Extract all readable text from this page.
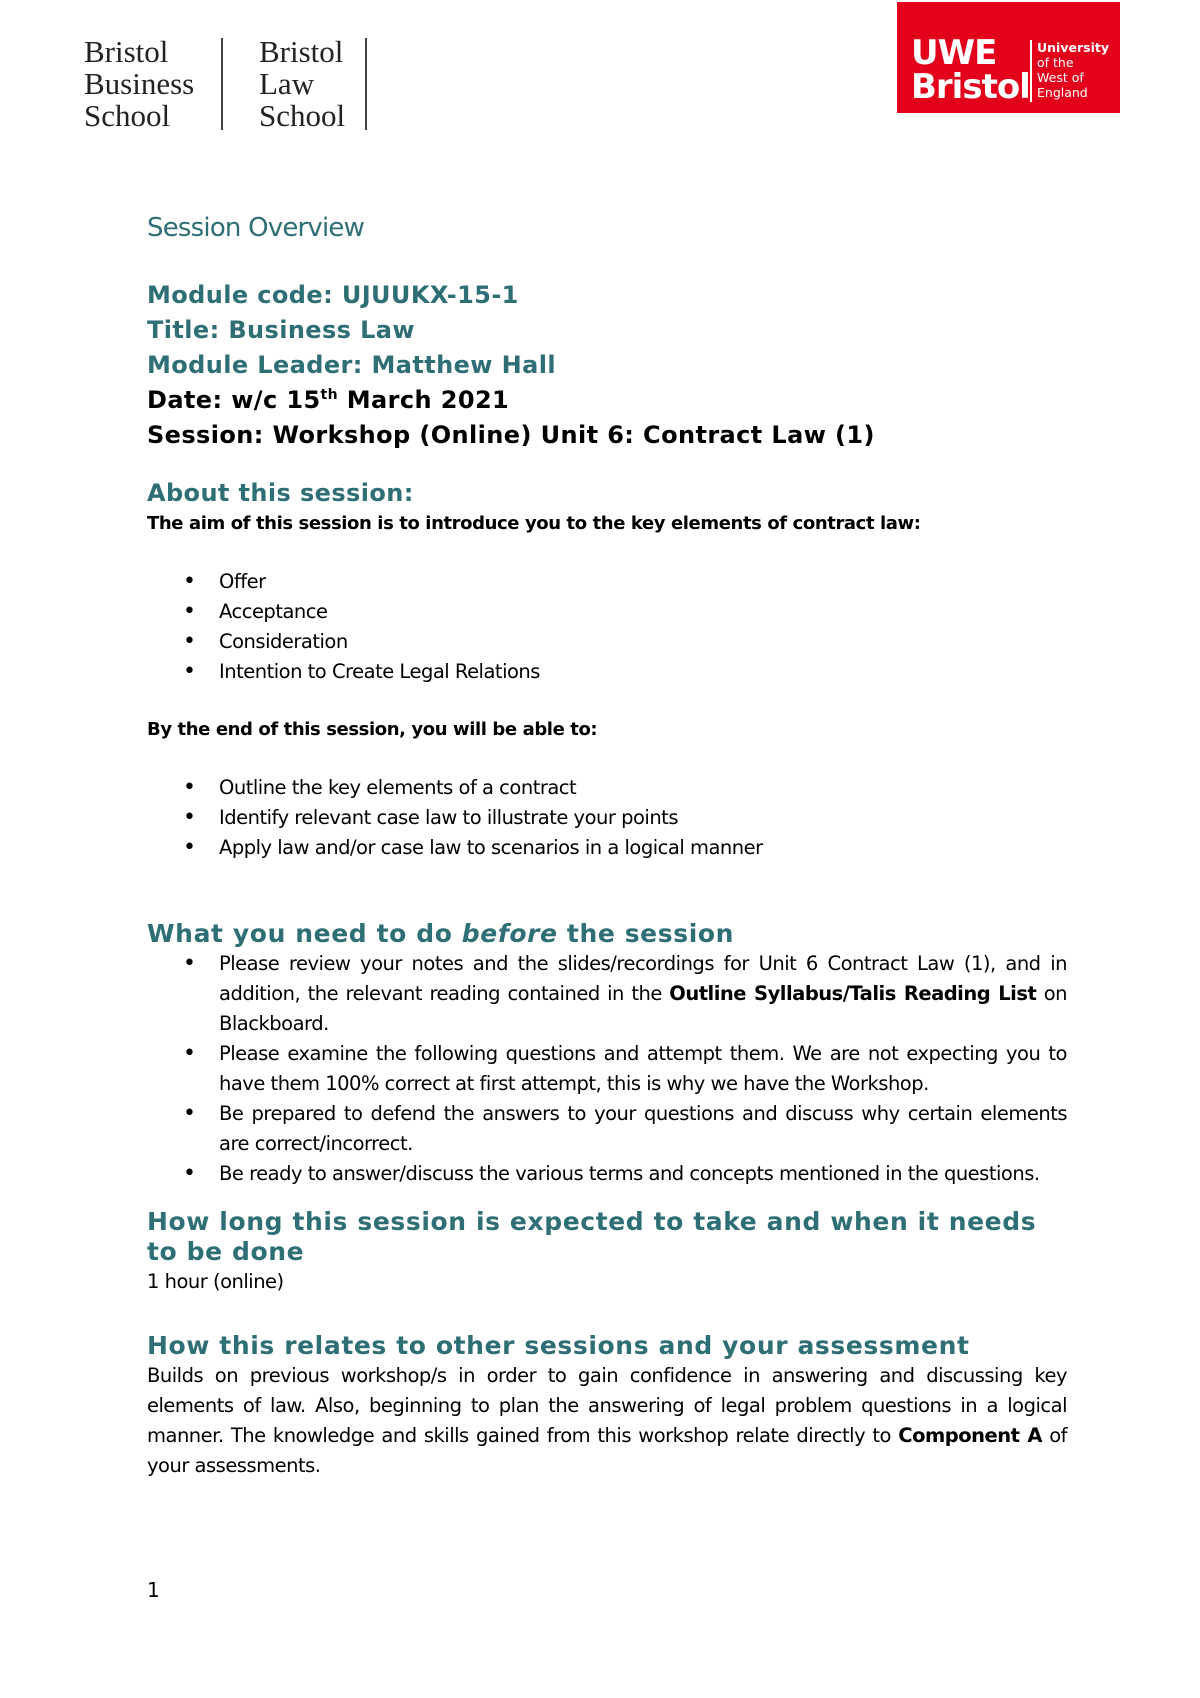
Bristol
Business
School
Bristol
Law
School
UWE
Bristol
University
of the
West of
England
Session Overview
Module code: UJUUKX-15-1
Title: Business Law
Module Leader: Matthew Hall
Date: w/c 15th March 2021
Session: Workshop (Online) Unit 6: Contract Law (1)
About this session:
The aim of this session is to introduce you to the key elements of contract law:
• Offer
• Acceptance
• Consideration
• Intention to Create Legal Relations
By the end of this session, you will be able to:
• Outline the key elements of a contract
• Identify relevant case law to illustrate your points
• Apply law and/or case law to scenarios in a logical manner
What you need to do before the session
• Please review your notes and the slides/recordings for Unit 6 Contract Law (1), and in addition, the relevant reading contained in the Outline Syllabus/Talis Reading List on Blackboard.
• Please examine the following questions and attempt them. We are not expecting you to have them 100% correct at first attempt, this is why we have the Workshop.
• Be prepared to defend the answers to your questions and discuss why certain elements are correct/incorrect.
• Be ready to answer/discuss the various terms and concepts mentioned in the questions.
How long this session is expected to take and when it needs to be done
1 hour (online)
How this relates to other sessions and your assessment
Builds on previous workshop/s in order to gain confidence in answering and discussing key elements of law. Also, beginning to plan the answering of legal problem questions in a logical manner. The knowledge and skills gained from this workshop relate directly to Component A of your assessments.
1
